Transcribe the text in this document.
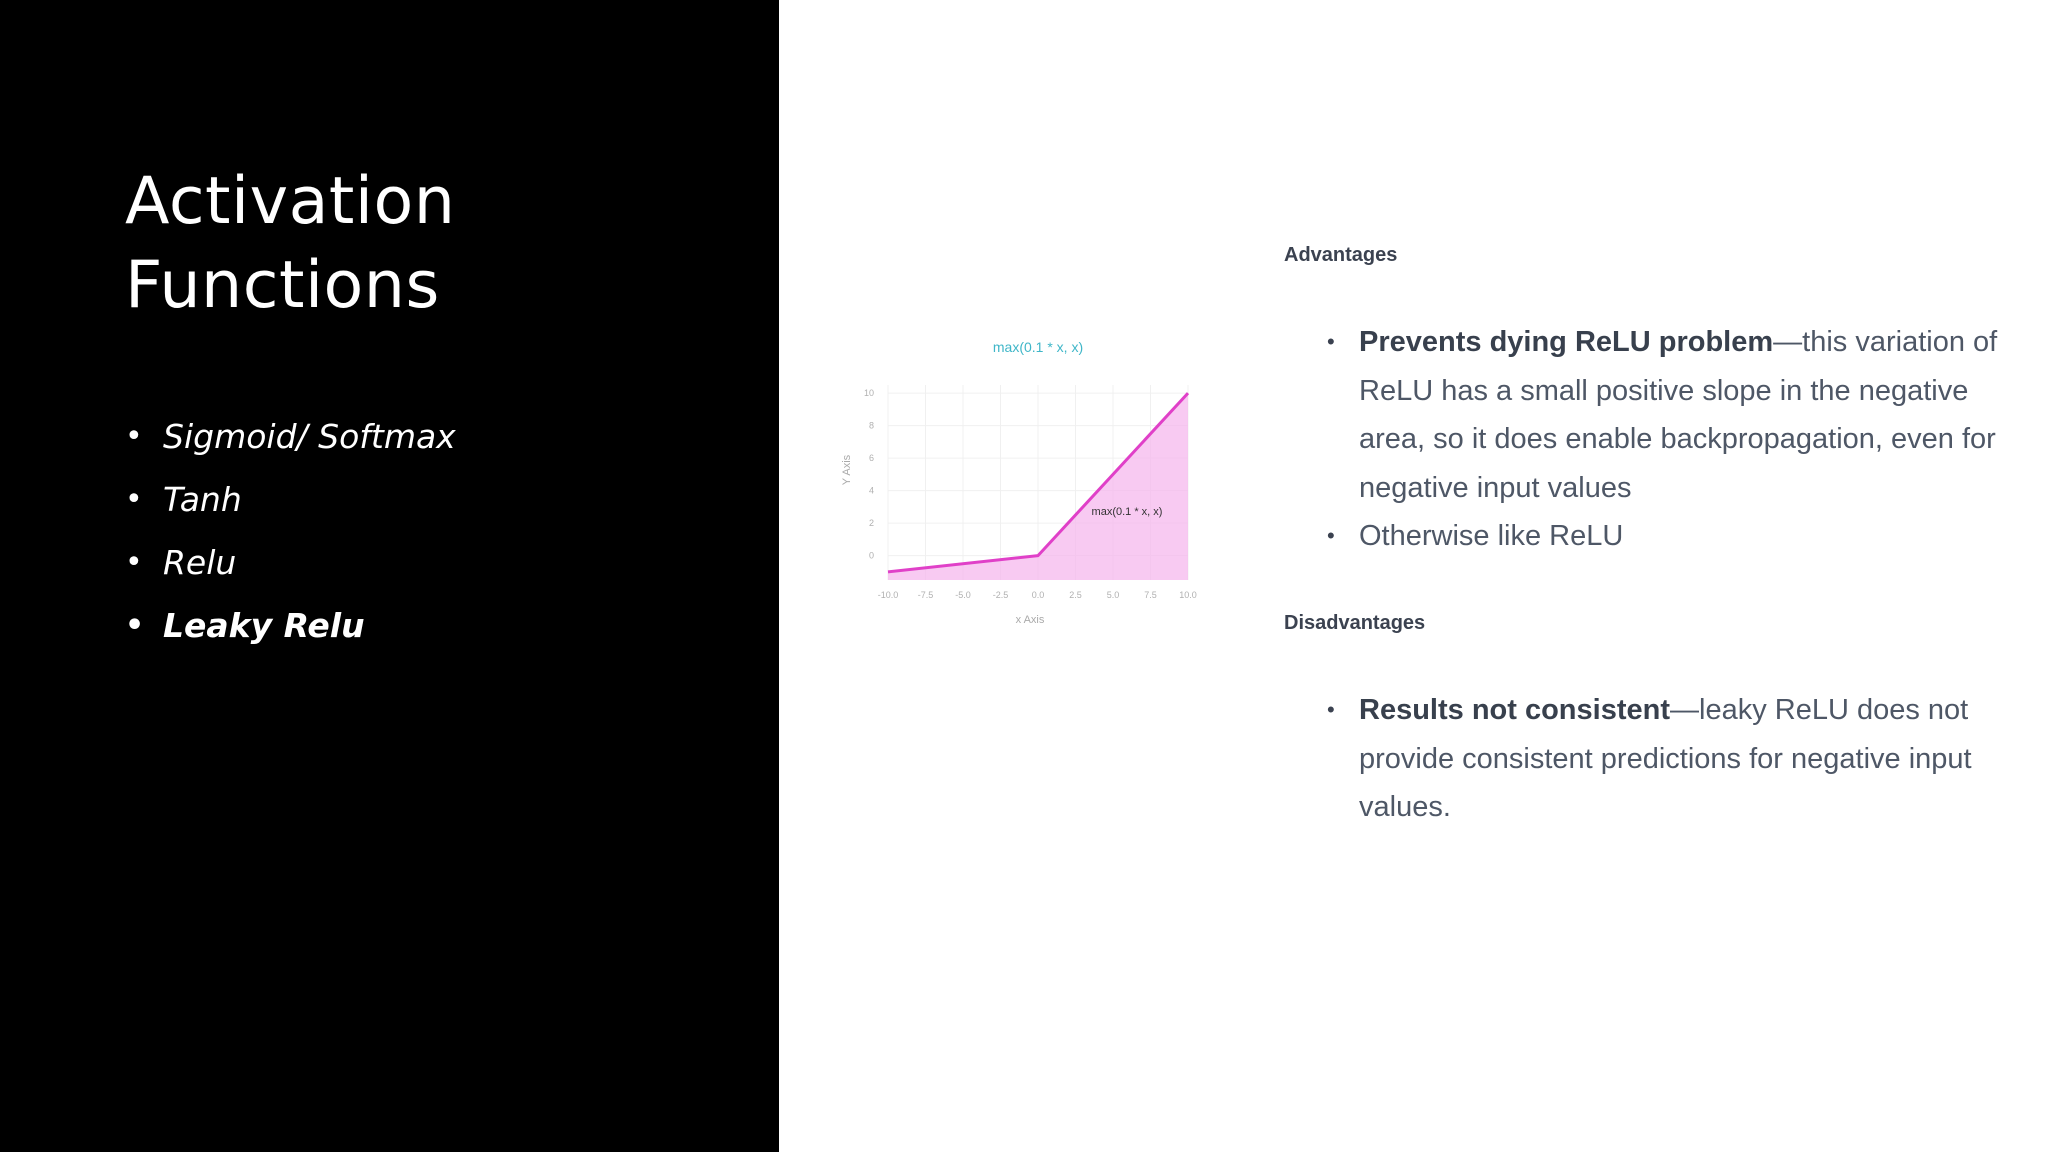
Activation
Functions
• Sigmoid/ Softmax
• Tanh
• Relu
• Leaky Relu
-10.0 -7.5 -5.0 -2.5	0.0	2.5	5.0	7.5 10.0
10
8
6
4
2
0
max(0.1 * x, x)
max(0.1 * x, x)
x Axis
Y Axis
Advantages
• Prevents dying ReLU problem—this variation of ReLU has a small positive slope in the negative area, so it does enable backpropagation, even for negative input values
• Otherwise like ReLU
Disadvantages
• Results not consistent—leaky ReLU does not provide consistent predictions for negative input values.
